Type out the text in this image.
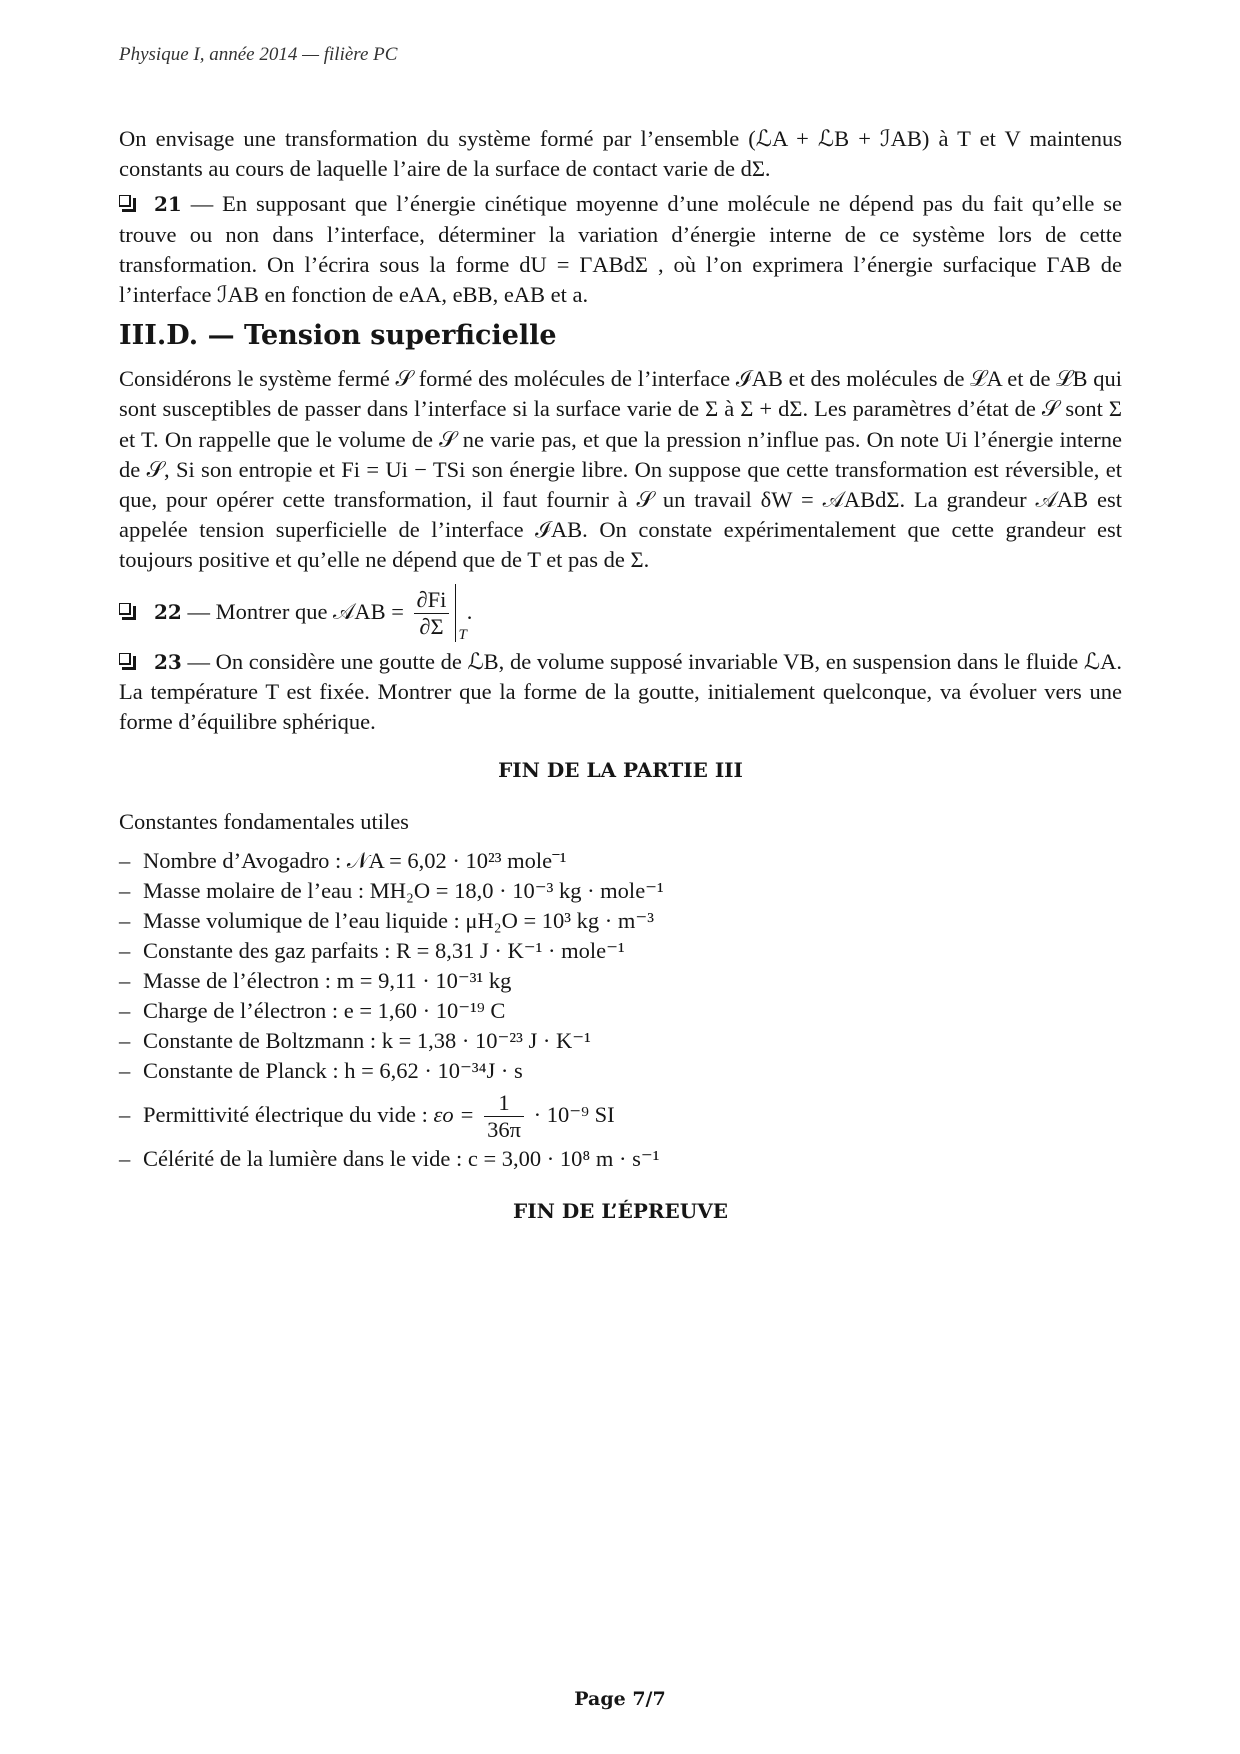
Physique I, année 2014 — filière PC

On envisage une transformation du système formé par l’ensemble (ℒA + ℒB + ℐAB) à T et V maintenus constants au cours de laquelle l’aire de la surface de contact varie de dΣ.

21 — En supposant que l’énergie cinétique moyenne d’une molécule ne dépend pas du fait qu’elle se trouve ou non dans l’interface, déterminer la variation d’énergie interne de ce système lors de cette transformation. On l’écrira sous la forme dU = ΓABdΣ , où l’on exprimera l’énergie surfacique ΓAB de l’interface ℐAB en fonction de eAA, eBB, eAB et a.

III.D. — Tension superficielle

Considérons le système fermé 𝒮 formé des molécules de l’interface ℐAB et des molécules de ℒA et de ℒB qui sont susceptibles de passer dans l’interface si la surface varie de Σ à Σ + dΣ. Les paramètres d’état de 𝒮 sont Σ et T. On rappelle que le volume de 𝒮 ne varie pas, et que la pression n’influe pas. On note Ui l’énergie interne de 𝒮, Si son entropie et Fi = Ui − TSi son énergie libre. On suppose que cette transformation est réversible, et que, pour opérer cette transformation, il faut fournir à 𝒮 un travail δW = 𝒜ABdΣ. La grandeur 𝒜AB est appelée tension superficielle de l’interface ℐAB. On constate expérimentalement que cette grandeur est toujours positive et qu’elle ne dépend que de T et pas de Σ.

22 — Montrer que 𝒜AB = $\frac{\partial Fi}{\partial\Sigma} _T$.

23 — On considère une goutte de ℒB, de volume supposé invariable VB, en suspension dans le fluide ℒA. La température T est fixée. Montrer que la forme de la goutte, initialement quelconque, va évoluer vers une forme d’équilibre sphérique.

FIN DE LA PARTIE III
Constantes fondamentales utiles
– Nombre d’Avogadro : 𝒩A = 6,02 · 10²³ mole⁻¹
– Masse molaire de l’eau : MH₂O = 18,0 · 10⁻³ kg · mole⁻¹
– Masse volumique de l’eau liquide : μH₂O = 10³ kg · m⁻³
– Constante des gaz parfaits : R = 8,31 J · K⁻¹ · mole⁻¹
– Masse de l’électron : m = 9,11 · 10⁻³¹ kg
– Charge de l’électron : e = 1,60 · 10⁻¹⁹ C
– Constante de Boltzmann : k = 1,38 · 10⁻²³ J · K⁻¹
– Constante de Planck : h = 6,62 · 10⁻³⁴J · s
– Permittivité électrique du vide : $\varepsilon o = \frac{1}{36\pi} \cdot 10^{-9}$ SI
– Célérité de la lumière dans le vide : c = 3,00 · 10⁸ m · s⁻¹
FIN DE L’ÉPREUVE
Page 7/7
